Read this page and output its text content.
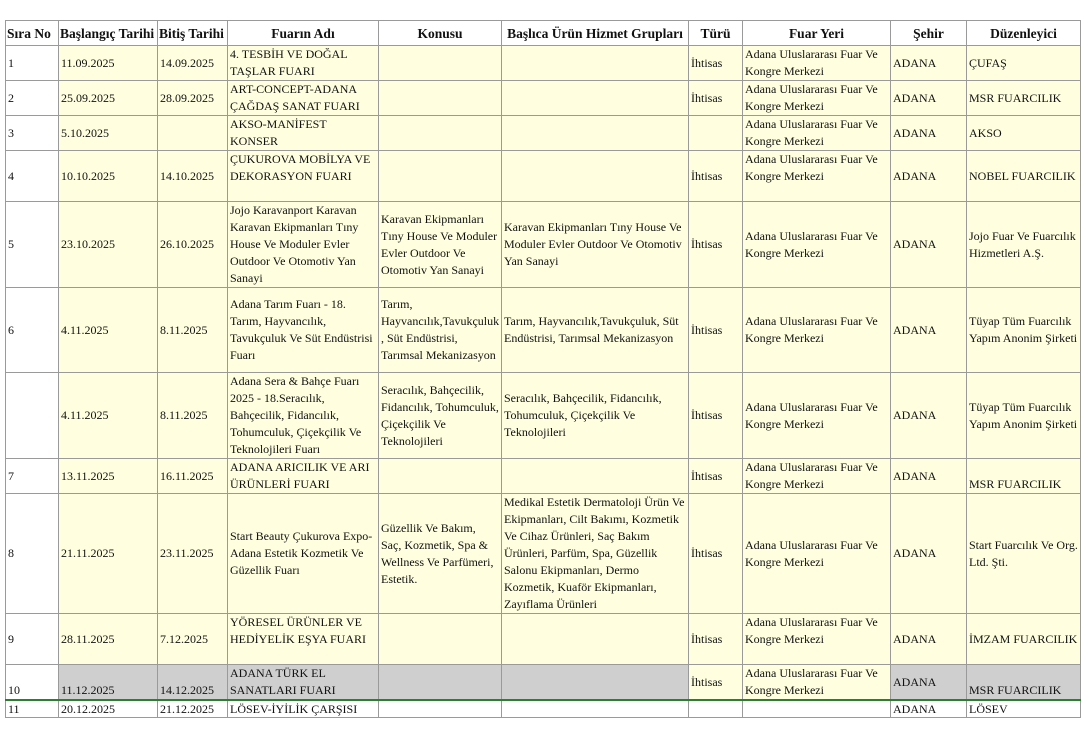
Sıra No	Başlangıç Tarihi	Bitiş Tarihi	Fuarın Adı	Konusu	Başlıca Ürün Hizmet Grupları	Türü	Fuar Yeri	Şehir	Düzenleyici
1	11.09.2025	14.09.2025	4. TESBİH VE DOĞAL TAŞLAR FUARI			İhtisas	Adana Uluslararası Fuar Ve Kongre Merkezi	ADANA	ÇUFAŞ
2	25.09.2025	28.09.2025	ART-CONCEPT-ADANA ÇAĞDAŞ SANAT FUARI			İhtisas	Adana Uluslararası Fuar Ve Kongre Merkezi	ADANA	MSR FUARCILIK
3	5.10.2025		AKSO-MANİFEST KONSER				Adana Uluslararası Fuar Ve Kongre Merkezi	ADANA	AKSO
4	10.10.2025	14.10.2025	ÇUKUROVA MOBİLYA VE DEKORASYON FUARI			İhtisas	Adana Uluslararası Fuar Ve Kongre Merkezi	ADANA	NOBEL FUARCILIK
5	23.10.2025	26.10.2025	Jojo Karavanport Karavan Karavan Ekipmanları Tıny House Ve Moduler Evler Outdoor Ve Otomotiv Yan Sanayi	Karavan Ekipmanları Tıny House Ve Moduler Evler Outdoor Ve Otomotiv Yan Sanayi	Karavan Ekipmanları Tıny House Ve Moduler Evler Outdoor Ve Otomotiv Yan Sanayi	İhtisas	Adana Uluslararası Fuar Ve Kongre Merkezi	ADANA	Jojo Fuar Ve Fuarcılık Hizmetleri A.Ş.
6	4.11.2025	8.11.2025	Adana Tarım Fuarı - 18. Tarım, Hayvancılık, Tavukçuluk Ve Süt Endüstrisi Fuarı	Tarım, Hayvancılık,Tavukçuluk , Süt Endüstrisi, Tarımsal Mekanizasyon	Tarım, Hayvancılık,Tavukçuluk, Süt Endüstrisi, Tarımsal Mekanizasyon	İhtisas	Adana Uluslararası Fuar Ve Kongre Merkezi	ADANA	Tüyap Tüm Fuarcılık Yapım Anonim Şirketi
	4.11.2025	8.11.2025	Adana Sera & Bahçe Fuarı 2025 - 18.Seracılık, Bahçecilik, Fidancılık, Tohumculuk, Çiçekçilik Ve Teknolojileri Fuarı	Seracılık, Bahçecilik, Fidancılık, Tohumculuk, Çiçekçilik Ve Teknolojileri	Seracılık, Bahçecilik, Fidancılık, Tohumculuk, Çiçekçilik Ve Teknolojileri	İhtisas	Adana Uluslararası Fuar Ve Kongre Merkezi	ADANA	Tüyap Tüm Fuarcılık Yapım Anonim Şirketi
7	13.11.2025	16.11.2025	ADANA ARICILIK VE ARI ÜRÜNLERİ FUARI			İhtisas	Adana Uluslararası Fuar Ve Kongre Merkezi	ADANA	MSR FUARCILIK
8	21.11.2025	23.11.2025	Start Beauty Çukurova Expo-Adana Estetik Kozmetik Ve Güzellik Fuarı	Güzellik Ve Bakım, Saç, Kozmetik, Spa & Wellness Ve Parfümeri, Estetik.	Medikal Estetik Dermatoloji Ürün Ve Ekipmanları, Cilt Bakımı, Kozmetik Ve Cihaz Ürünleri, Saç Bakım Ürünleri, Parfüm, Spa, Güzellik Salonu Ekipmanları, Dermo Kozmetik, Kuaför Ekipmanları, Zayıflama Ürünleri	İhtisas	Adana Uluslararası Fuar Ve Kongre Merkezi	ADANA	Start Fuarcılık Ve Org. Ltd. Şti.
9	28.11.2025	7.12.2025	YÖRESEL ÜRÜNLER VE HEDİYELİK EŞYA FUARI			İhtisas	Adana Uluslararası Fuar Ve Kongre Merkezi	ADANA	İMZAM FUARCILIK
10	11.12.2025	14.12.2025	ADANA TÜRK EL SANATLARI FUARI			İhtisas	Adana Uluslararası Fuar Ve Kongre Merkezi	ADANA	MSR FUARCILIK
11	20.12.2025	21.12.2025	LÖSEV-İYİLİK ÇARŞISI					ADANA	LÖSEV
